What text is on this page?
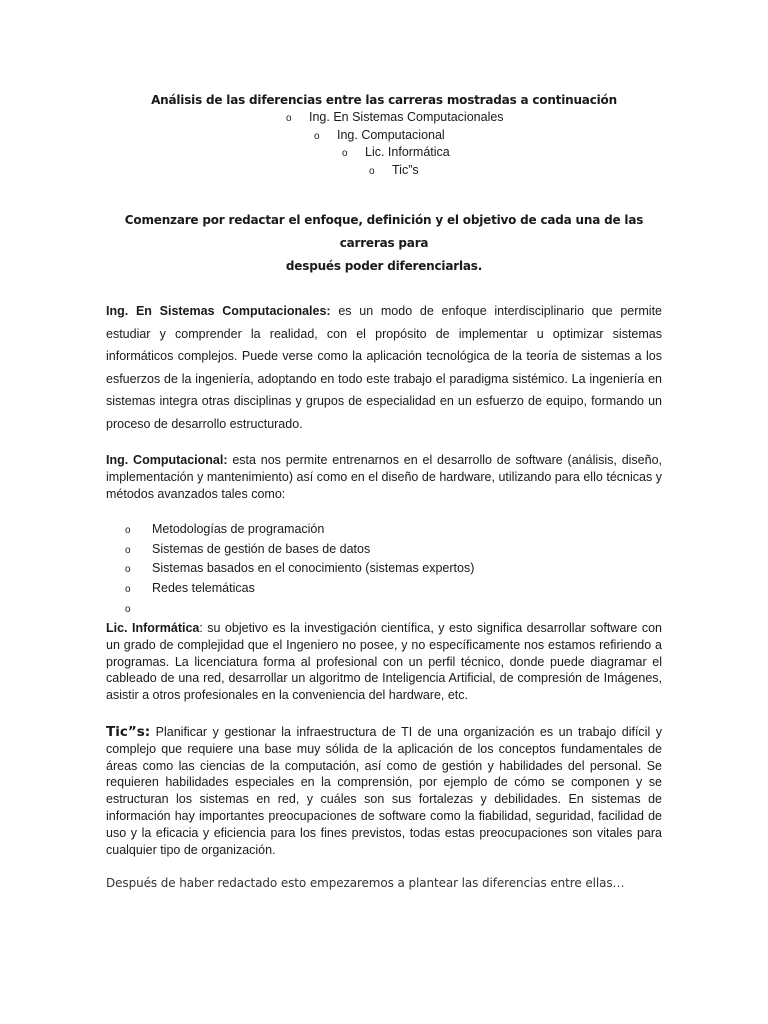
Análisis de las diferencias entre las carreras mostradas a continuación
o Ing. En Sistemas Computacionales
o Ing. Computacional
o Lic. Informática
o Tic”s
Comenzare por redactar el enfoque, definición y el objetivo de cada una de las carreras para
después poder diferenciarlas.
Ing. En Sistemas Computacionales: es un modo de enfoque interdisciplinario que permite estudiar y comprender la realidad, con el propósito de implementar u optimizar sistemas informáticos complejos. Puede verse como la aplicación tecnológica de la teoría de sistemas a los esfuerzos de la ingeniería, adoptando en todo este trabajo el paradigma sistémico. La ingeniería en sistemas integra otras disciplinas y grupos de especialidad en un esfuerzo de equipo, formando un proceso de desarrollo estructurado.
Ing. Computacional: esta nos permite entrenarnos en el desarrollo de software (análisis, diseño, implementación y mantenimiento) así como en el diseño de hardware, utilizando para ello técnicas y métodos avanzados tales como:
o Metodologías de programación
o Sistemas de gestión de bases de datos
o Sistemas basados en el conocimiento (sistemas expertos)
o Redes telemáticas
o
Lic. Informática: su objetivo es la investigación científica, y esto significa desarrollar software con un grado de complejidad que el Ingeniero no posee, y no específicamente nos estamos refiriendo a programas. La licenciatura forma al profesional con un perfil técnico, donde puede diagramar el cableado de una red, desarrollar un algoritmo de Inteligencia Artificial, de compresión de Imágenes, asistir a otros profesionales en la conveniencia del hardware, etc.
Tic”s: Planificar y gestionar la infraestructura de TI de una organización es un trabajo difícil y complejo que requiere una base muy sólida de la aplicación de los conceptos fundamentales de áreas como las ciencias de la computación, así como de gestión y habilidades del personal. Se requieren habilidades especiales en la comprensión, por ejemplo de cómo se componen y se estructuran los sistemas en red, y cuáles son sus fortalezas y debilidades. En sistemas de información hay importantes preocupaciones de software como la fiabilidad, seguridad, facilidad de uso y la eficacia y eficiencia para los fines previstos, todas estas preocupaciones son vitales para cualquier tipo de organización.
Después de haber redactado esto empezaremos a plantear las diferencias entre ellas…
